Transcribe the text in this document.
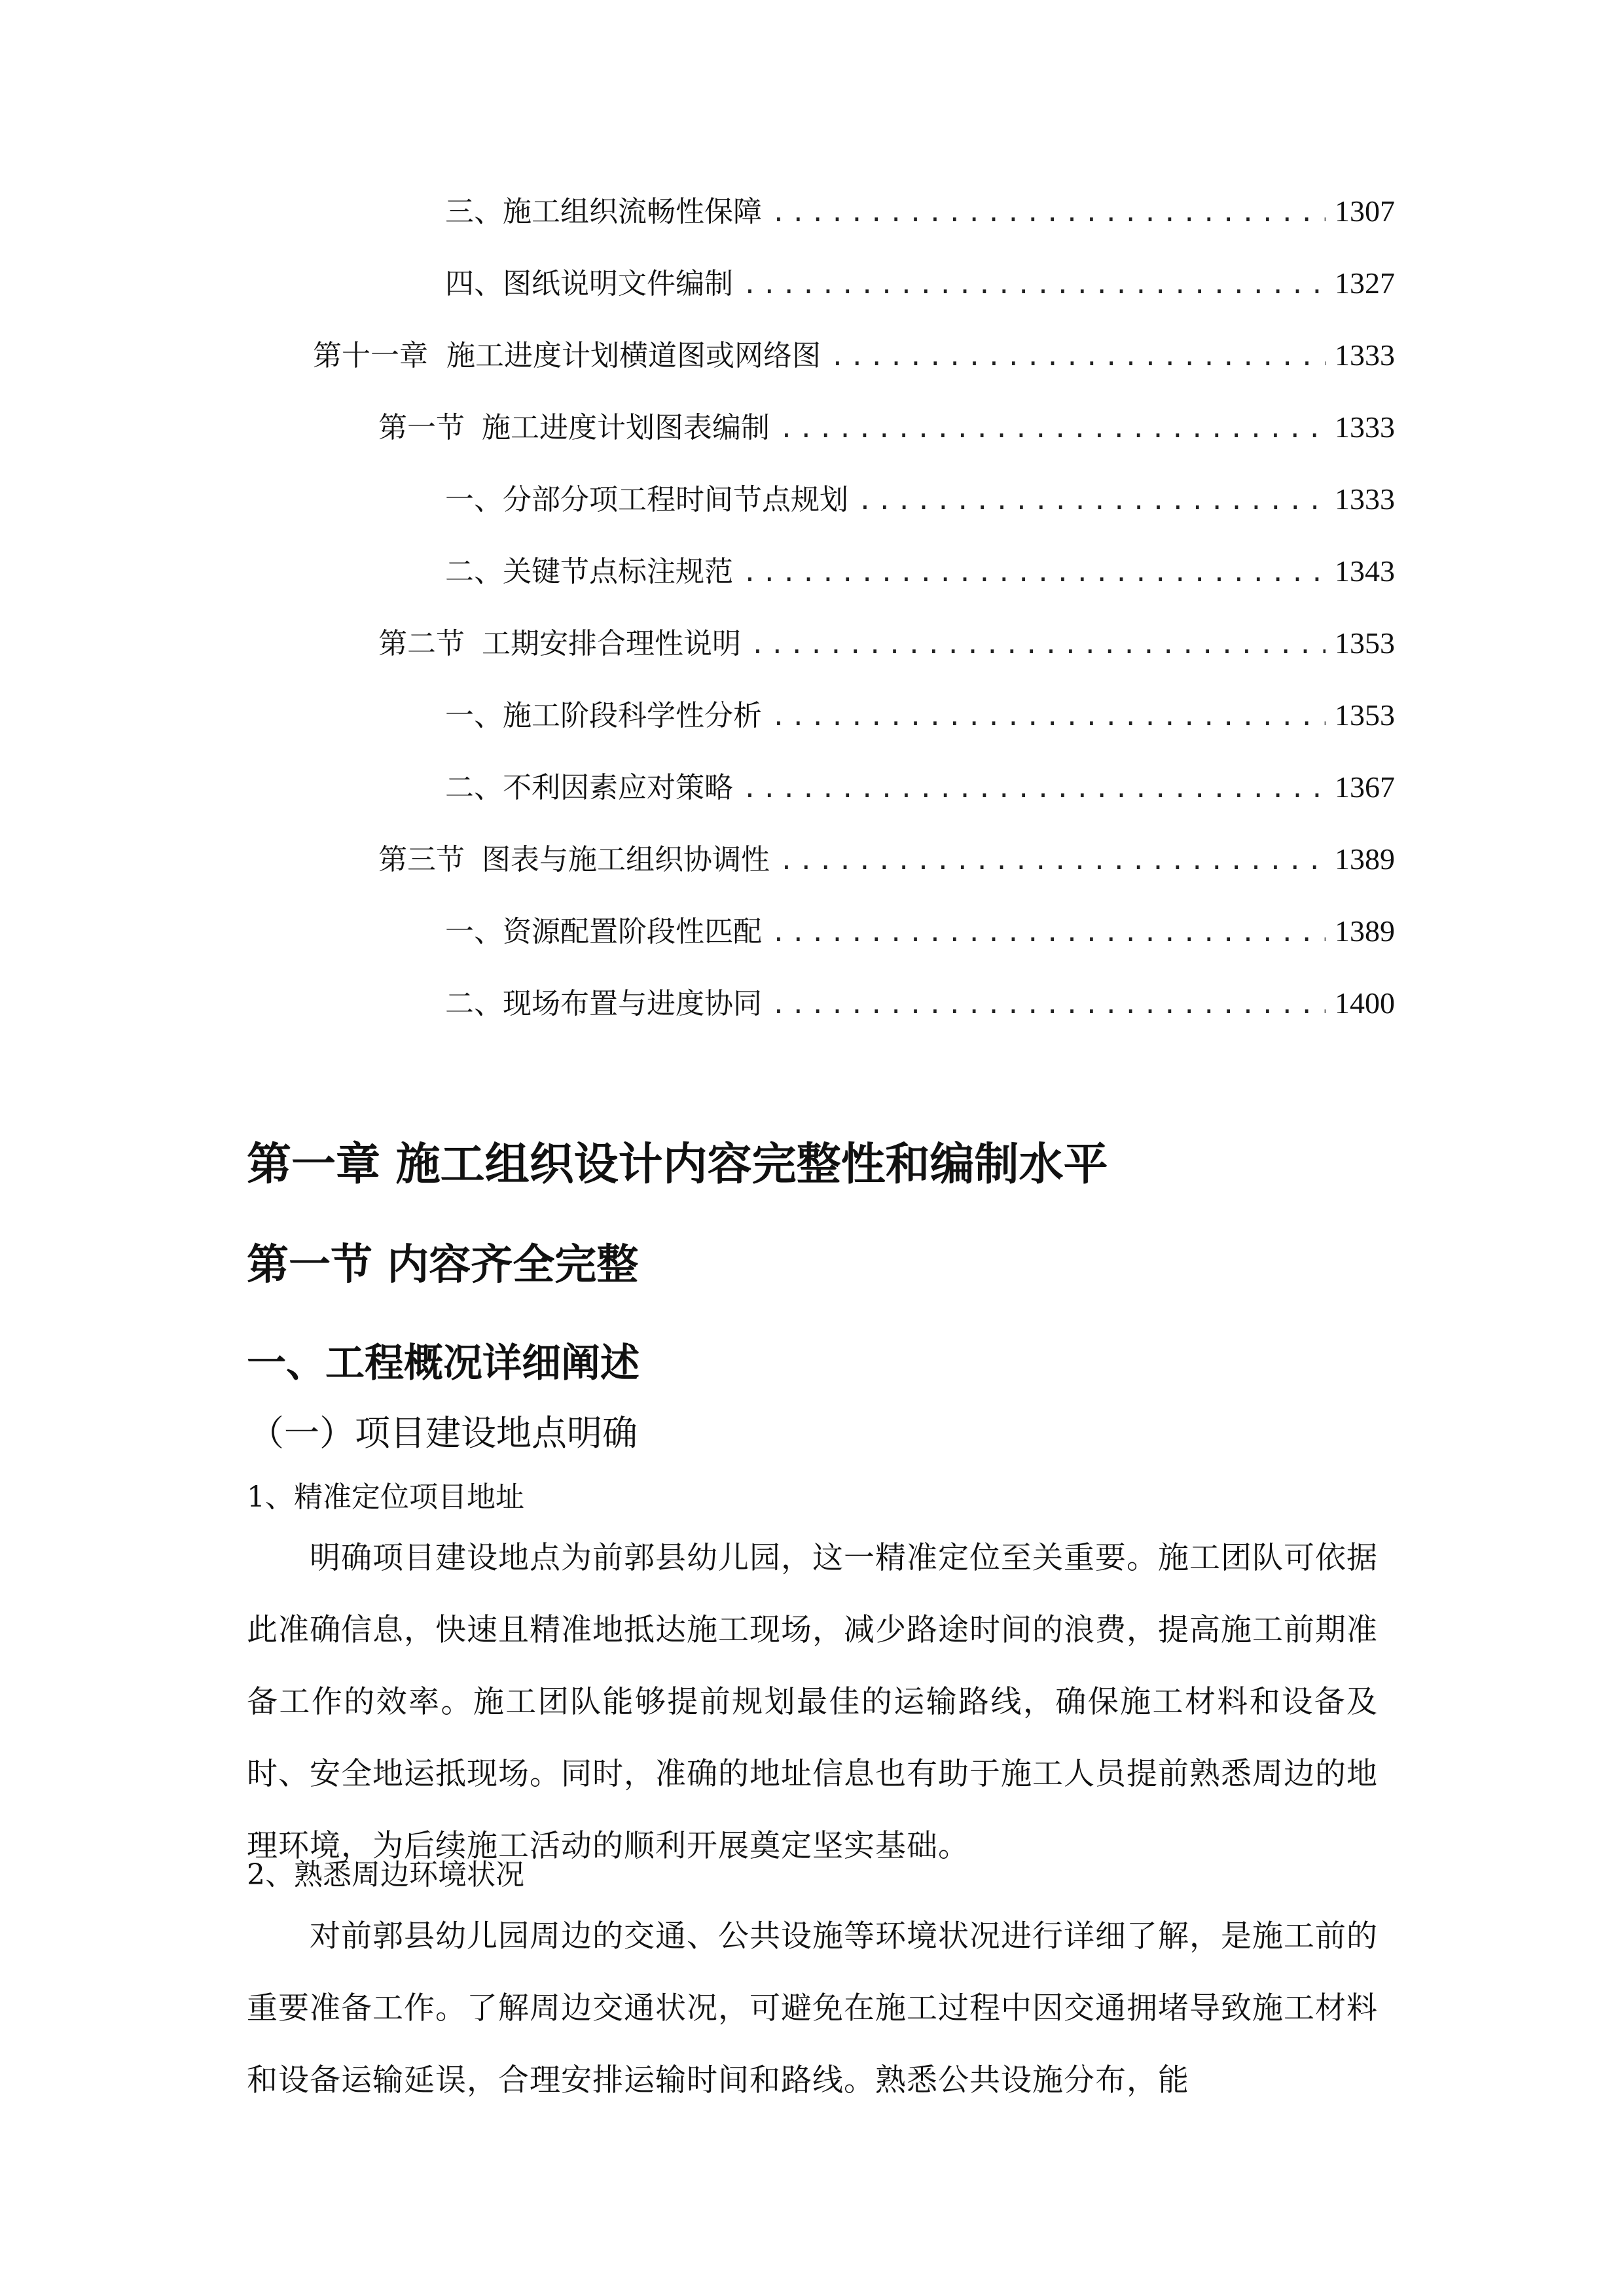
三、 施工组织流畅性保障 .....	1307
四、 图纸说明文件编制 .....	1327
第十一章 施工进度计划横道图或网络图 .....	1333
第一节 施工进度计划图表编制 .....	1333
一、 分部分项工程时间节点规划 .....	1333
二、 关键节点标注规范 .....	1343
第二节 工期安排合理性说明 .....	1353
一、 施工阶段科学性分析 .....	1353
二、 不利因素应对策略 .....	1367
第三节 图表与施工组织协调性 .....	1389
一、 资源配置阶段性匹配 .....	1389
二、 现场布置与进度协同 .....	1400
第一章 施工组织设计内容完整性和编制水平
第一节 内容齐全完整
一、工程概况详细阐述
（一）项目建设地点明确
1、精准定位项目地址

明确项目建设地点为前郭县幼儿园，这一精准定位至关重要。施工团队可依据此准确信息，快速且精准地抵达施工现场，减少路途时间的浪费，提高施工前期准备工作的效率。施工团队能够提前规划最佳的运输路线，确保施工材料和设备及时、安全地运抵现场。同时，准确的地址信息也有助于施工人员提前熟悉周边的地理环境，为后续施工活动的顺利开展奠定坚实基础。

2、熟悉周边环境状况

对前郭县幼儿园周边的交通、公共设施等环境状况进行详细了解，是施工前的重要准备工作。了解周边交通状况，可避免在施工过程中因交通拥堵导致施工材料和设备运输延误，合理安排运输时间和路线。熟悉公共设施分布，能
